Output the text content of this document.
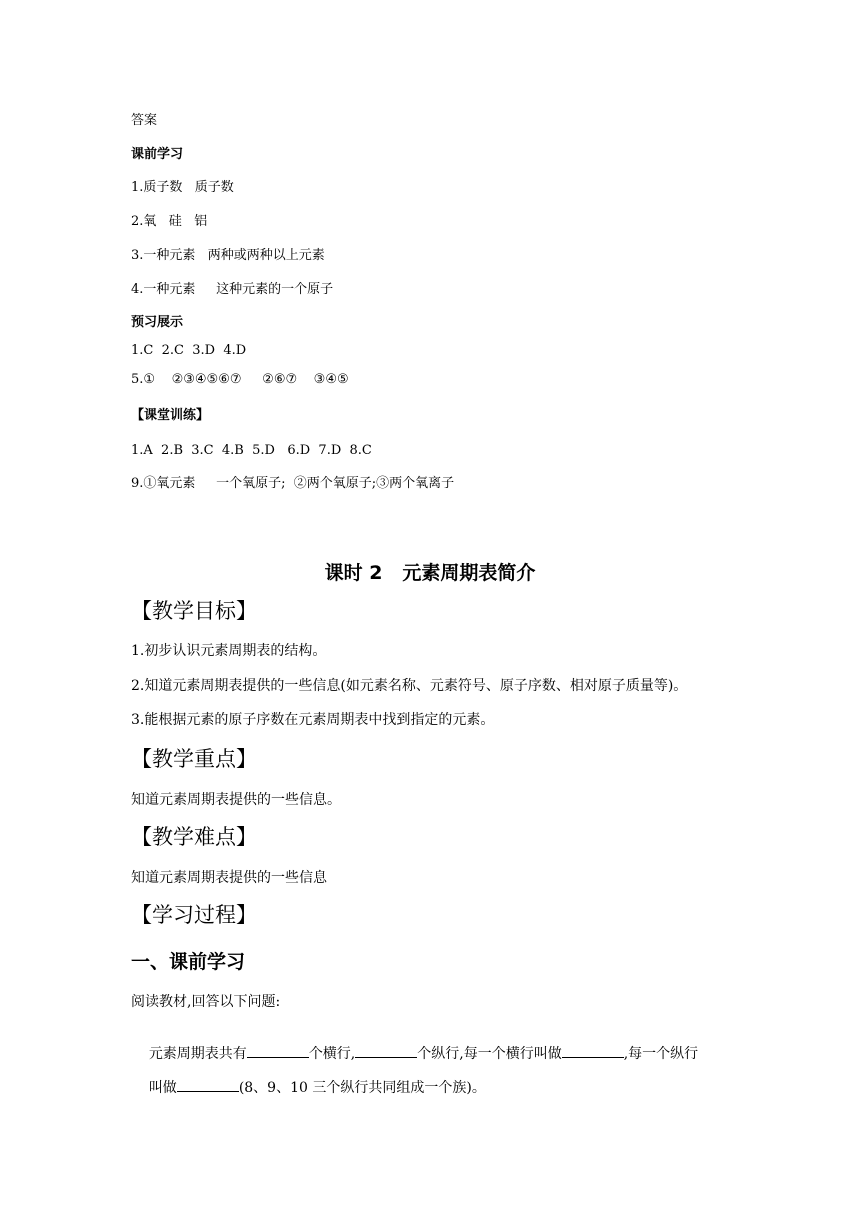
答案
课前学习
1.质子数   质子数
2.氧   硅   铝
3.一种元素   两种或两种以上元素
4.一种元素     这种元素的一个原子
预习展示
1.C  2.C  3.D  4.D
5.①    ②③④⑤⑥⑦     ②⑥⑦    ③④⑤
【课堂训练】
1.A  2.B  3.C  4.B  5.D   6.D  7.D  8.C
9.①氧元素     一个氧原子;  ②两个氧原子;③两个氧离子
课时 2   元素周期表简介
【教学目标】
1.初步认识元素周期表的结构。
2.知道元素周期表提供的一些信息(如元素名称、元素符号、原子序数、相对原子质量等)。
3.能根据元素的原子序数在元素周期表中找到指定的元素。
【教学重点】
知道元素周期表提供的一些信息。
【教学难点】
知道元素周期表提供的一些信息
【学习过程】
一、课前学习
阅读教材,回答以下问题:

元素周期表共有	个横行,	个纵行,每一个横行叫做	,每一个纵行

叫做	(8、9、10 三个纵行共同组成一个族)。
